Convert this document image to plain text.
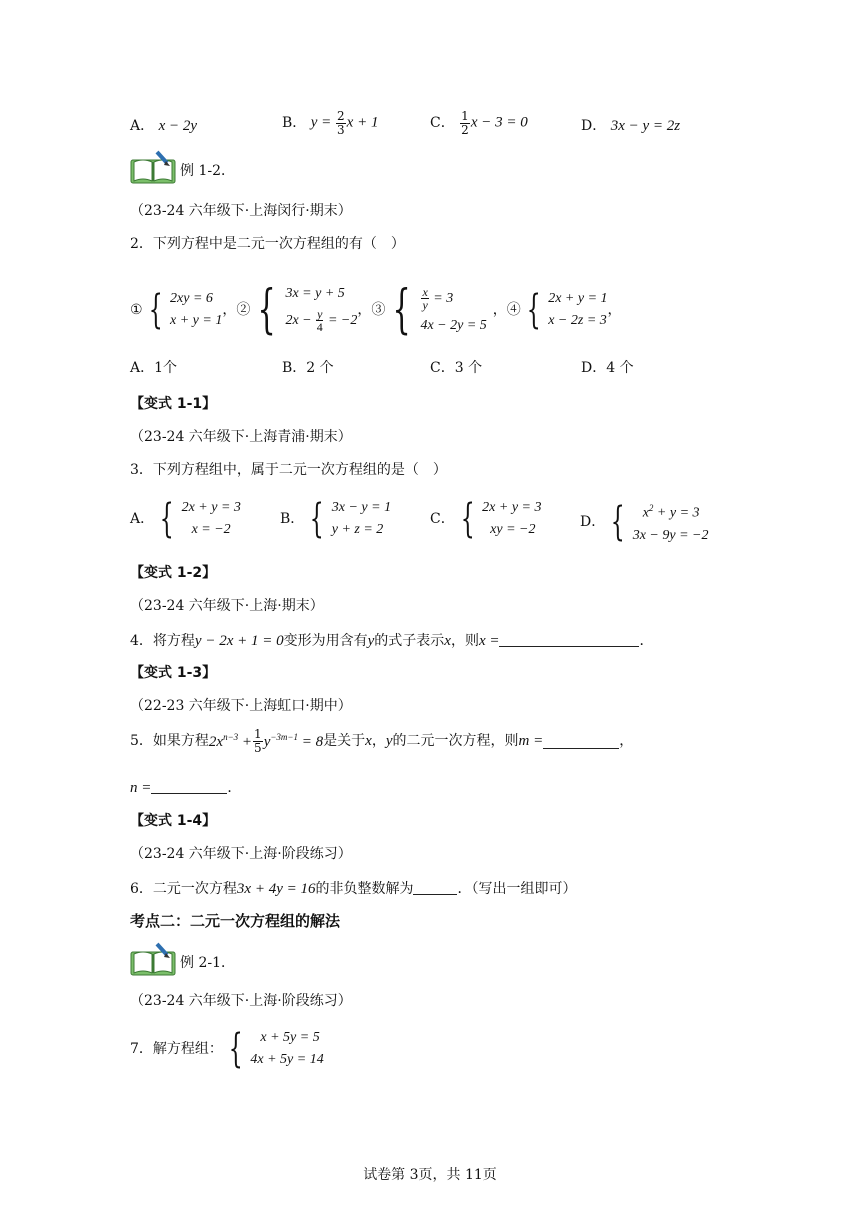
A． x − 2y	B． $y = \frac{2}{3}$ x + 1	C． $\frac{1}{2}$ x − 3 = 0	D． 3x − y = 2z
例 1-2．
（23-24 六年级下·上海闵行·期末）
2．下列方程中是二元一次方程组的有（　）
① { 2xy = 6
x + y = 1
，② { 3x = y + 5
$2x - \frac{y}{4} = -2$
，③ { $\frac{x}{y} = 3$
4x − 2y = 5
，④ { 2x + y = 1
x − 2z = 3
，
A．1个	B．2 个	C．3 个	D．4 个
【变式 1-1】
（23-24 六年级下·上海青浦·期末）
3．下列方程组中，属于二元一次方程组的是（　）
A． { 2x + y = 3
x = −2
B． { 3x − y = 1
y + z = 2
C． { 2x + y = 3
xy = −2	D． {	$x^2 + y = 3$
3x − 9y = −2
【变式 1-2】
（23-24 六年级下·上海·期末）
4．将方程y − 2x + 1 = 0变形为用含有y的式子表示x，则x =	．
【变式 1-3】
（22-23 六年级下·上海虹口·期中）
5．如果方程 $2x^{n-3} + \frac{1}{5} y^{-3m-1} = 8$ 是关于 x ， y 的二元一次方程，则 m =	，
n =	．
【变式 1-4】
（23-24 六年级下·上海·阶段练习）
6．二元一次方程3x + 4y = 16的非负整数解为	．（写出一组即可）
考点二：二元一次方程组的解法
例 2-1．
（23-24 六年级下·上海·阶段练习）
7．解方程组： {	x + 5y = 5
4x + 5y = 14
试卷第 3页，共 11页
